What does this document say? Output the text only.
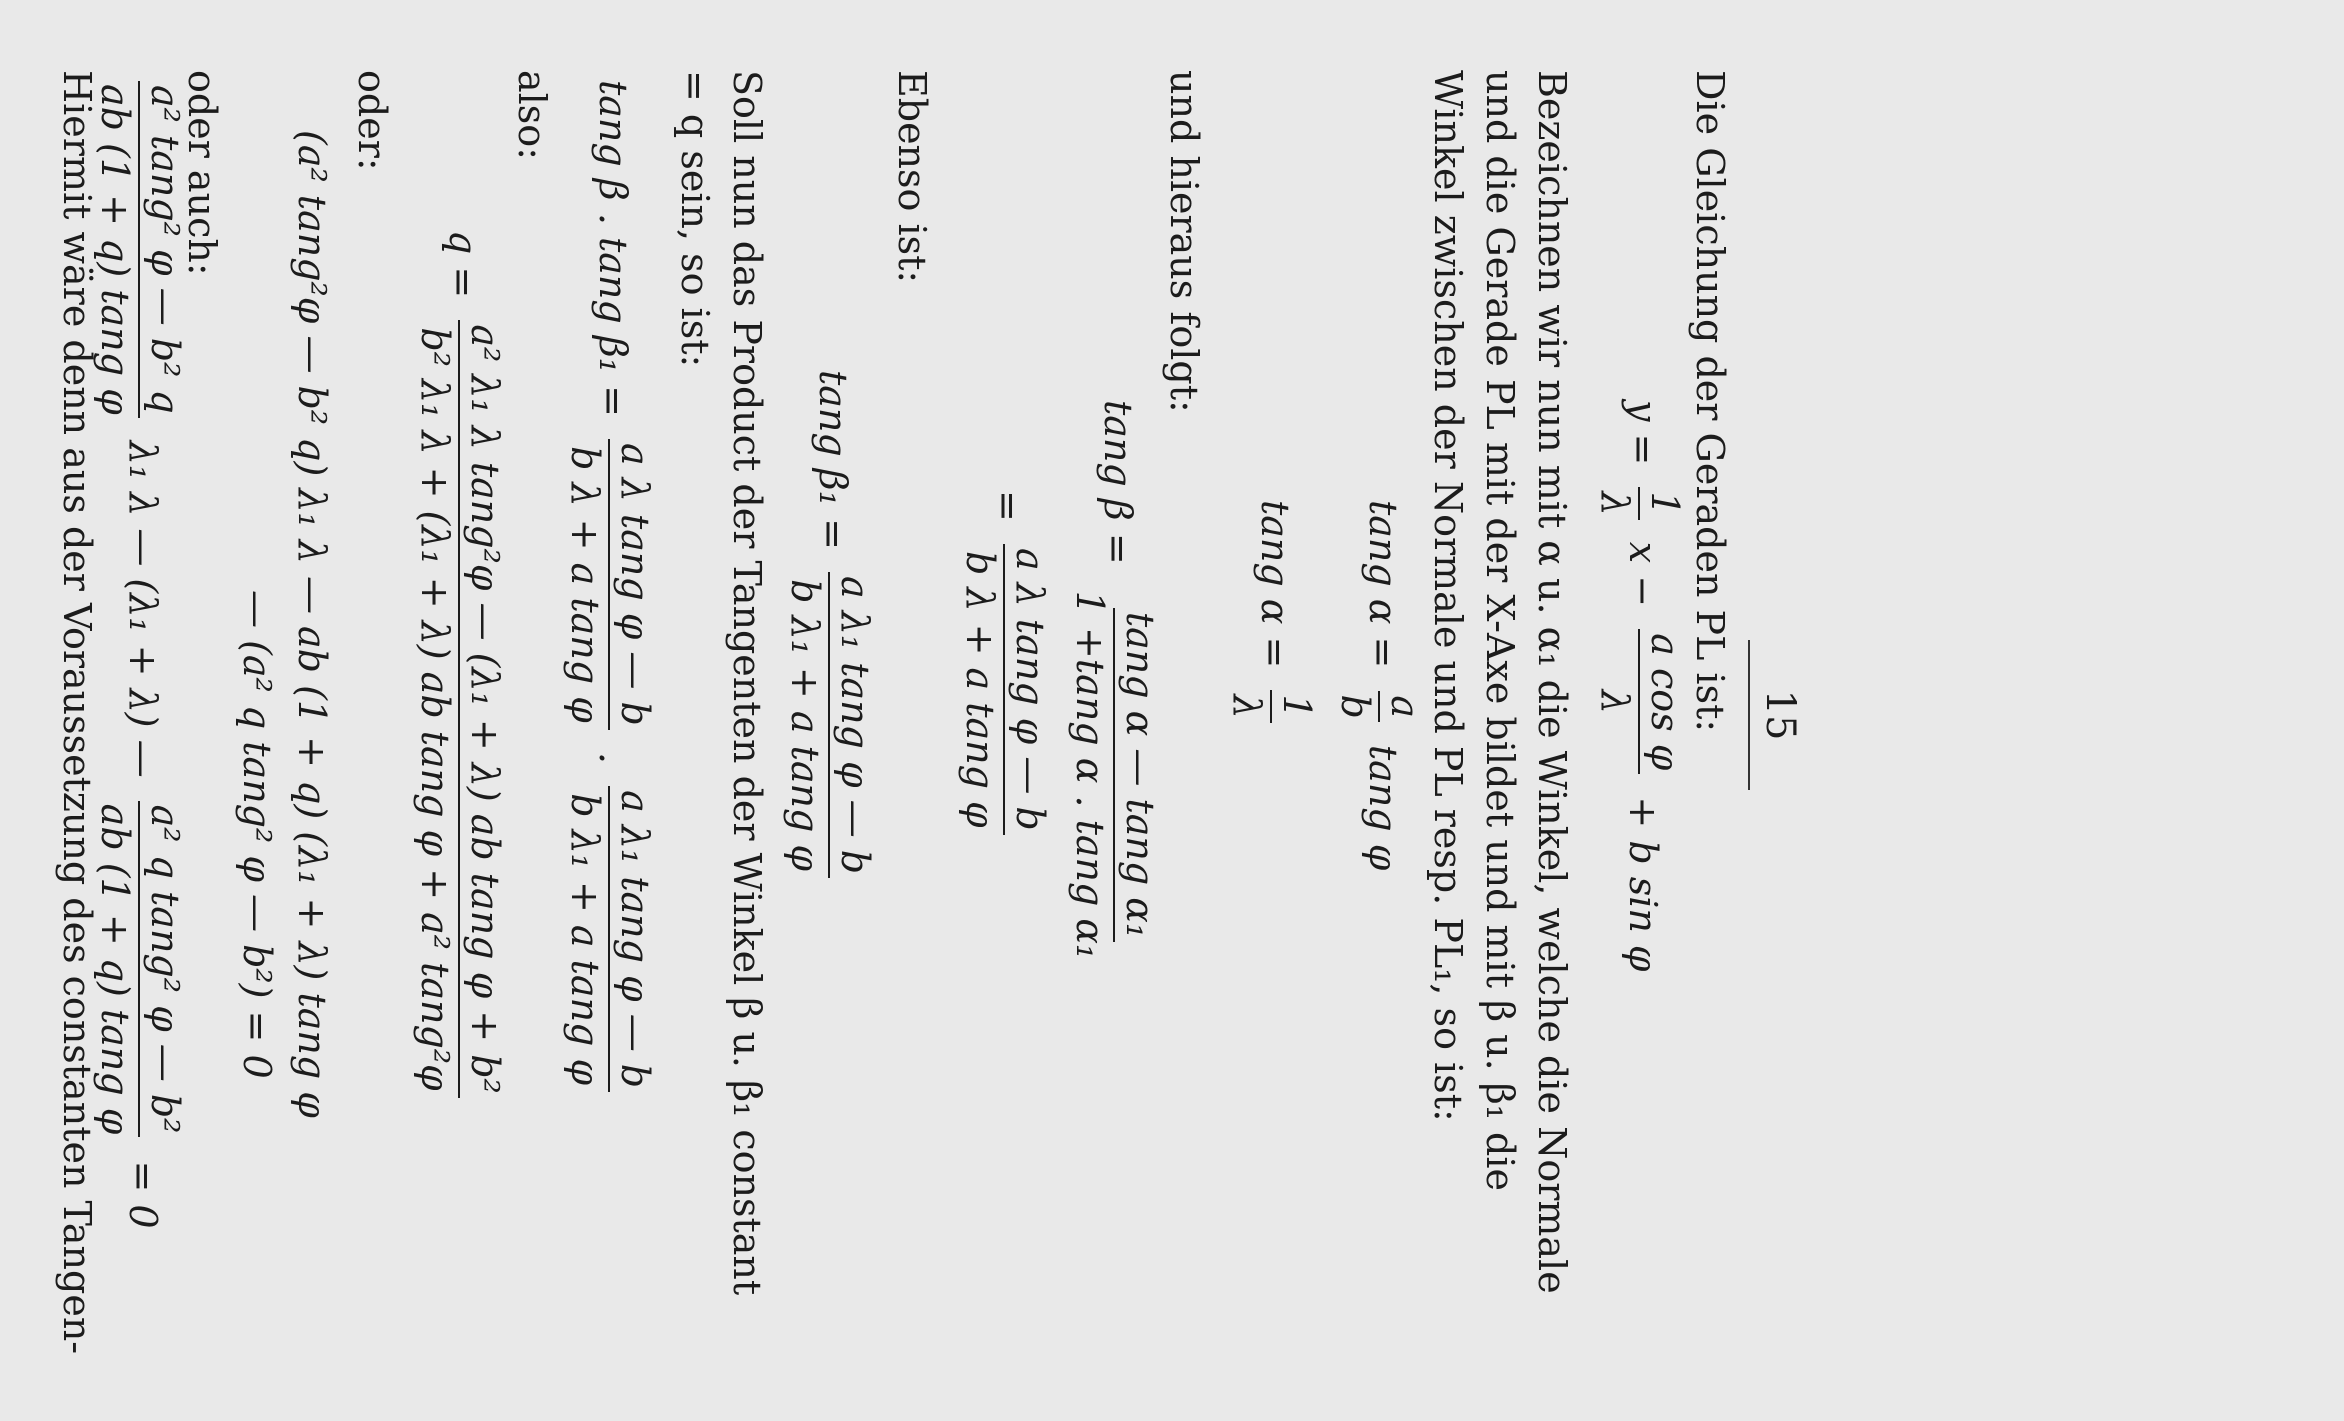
15
Die Gleichung der Geraden PL ist:
y =
1
λ
x −
a cos φ
λ
+ b sin φ
Bezeichnen wir nun mit α u. α₁ die Winkel, welche die Normale
und die Gerade PL mit der X-Axe bildet und mit β u. β₁ die
Winkel zwischen der Normale und PL resp. PL₁, so ist:
tang α =
a
b
tang φ
tang α =
1
λ
und hieraus folgt:
tang β =
tang α — tang α₁
1 +tang α . tang α₁
=
a λ tang φ — b
b λ + a tang φ
Ebenso ist:
tang β₁ =
a λ₁ tang φ — b
b λ₁ + a tang φ
Soll nun das Product der Tangenten der Winkel β u. β₁ constant
= q sein, so ist:
tang β . tang β₁ =
a λ tang φ — b
b λ + a tang φ
.
a λ₁ tang φ — b
b λ₁ + a tang φ
also:
q =
a² λ₁ λ tang²φ — (λ₁ + λ) ab tang φ + b²
b² λ₁ λ + (λ₁ + λ) ab tang φ + a² tang²φ
oder:
(a² tang²φ — b² q) λ₁ λ — ab (1 + q) (λ₁ + λ) tang φ
— (a² q tang² φ — b²) = 0
oder auch:
a² tang² φ — b² q
ab (1 + q) tang φ
λ₁ λ — (λ₁ + λ) —
a² q tang² φ — b²
ab (1 + q) tang φ
= 0
Hiermit wäre denn aus der Voraussetzung des constanten Tangen-
